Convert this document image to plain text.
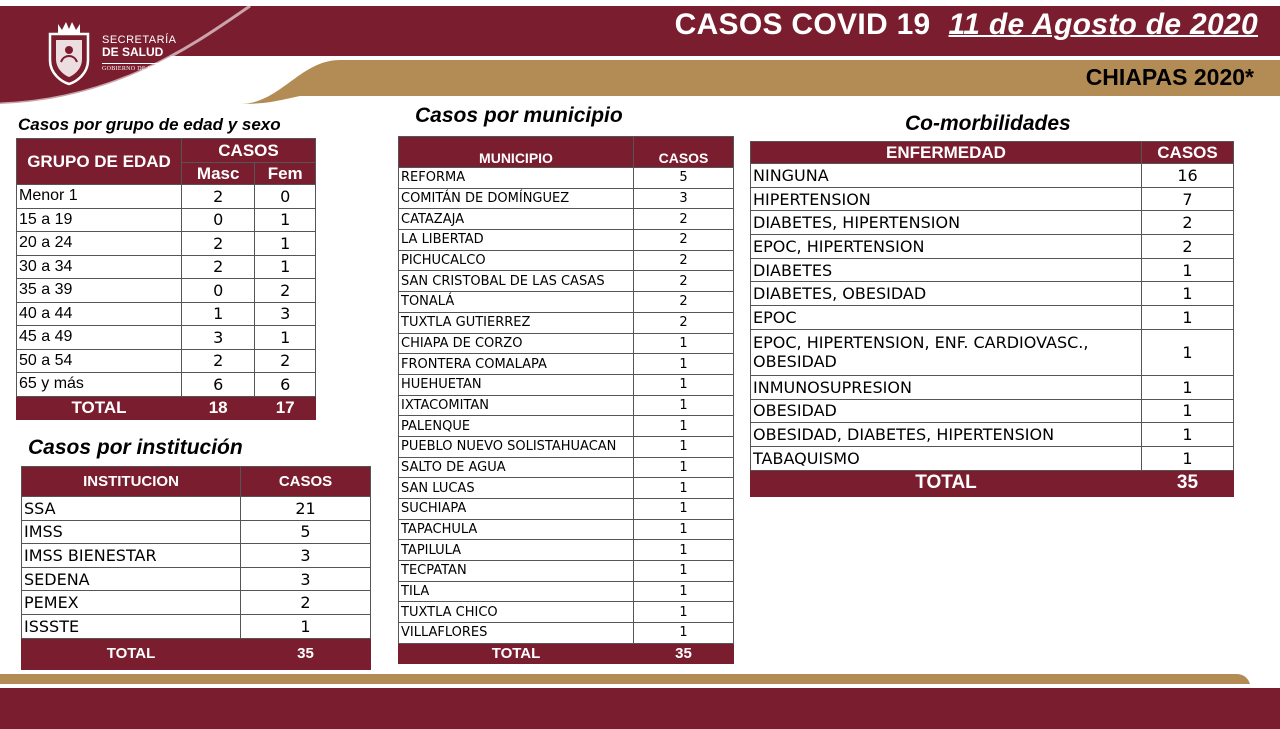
SECRETARÍA
DE SALUD
GOBIERNO DE CHIAPAS
CASOS COVID 19 11 de Agosto de 2020
CHIAPAS 2020*
Casos por grupo de edad y sexo
GRUPO DE EDAD	CASOS	
	Masc	Fem
Menor 1	2	0
15 a 19	0	1
20 a 24	2	1
30 a 34	2	1
35 a 39	0	2
40 a 44	1	3
45 a 49	3	1
50 a 54	2	2
65 y más	6	6
TOTAL	18	17
Casos por institución
INSTITUCION	CASOS
SSA	21
IMSS	5
IMSS BIENESTAR	3
SEDENA	3
PEMEX	2
ISSSTE	1
TOTAL	35
Casos por municipio
MUNICIPIO	CASOS
REFORMA	5
COMITÁN DE DOMÍNGUEZ	3
CATAZAJA	2
LA LIBERTAD	2
PICHUCALCO	2
SAN CRISTOBAL DE LAS CASAS	2
TONALÁ	2
TUXTLA GUTIERREZ	2
CHIAPA DE CORZO	1
FRONTERA COMALAPA	1
HUEHUETAN	1
IXTACOMITAN	1
PALENQUE	1
PUEBLO NUEVO SOLISTAHUACAN	1
SALTO DE AGUA	1
SAN LUCAS	1
SUCHIAPA	1
TAPACHULA	1
TAPILULA	1
TECPATAN	1
TILA	1
TUXTLA CHICO	1
VILLAFLORES	1
TOTAL	35
Co-morbilidades
ENFERMEDAD	CASOS
NINGUNA	16
HIPERTENSION	7
DIABETES, HIPERTENSION	2
EPOC, HIPERTENSION	2
DIABETES	1
DIABETES, OBESIDAD	1
EPOC	1
EPOC, HIPERTENSION, ENF. CARDIOVASC., OBESIDAD	1
INMUNOSUPRESION	1
OBESIDAD	1
OBESIDAD, DIABETES, HIPERTENSION	1
TABAQUISMO	1
TOTAL	35
